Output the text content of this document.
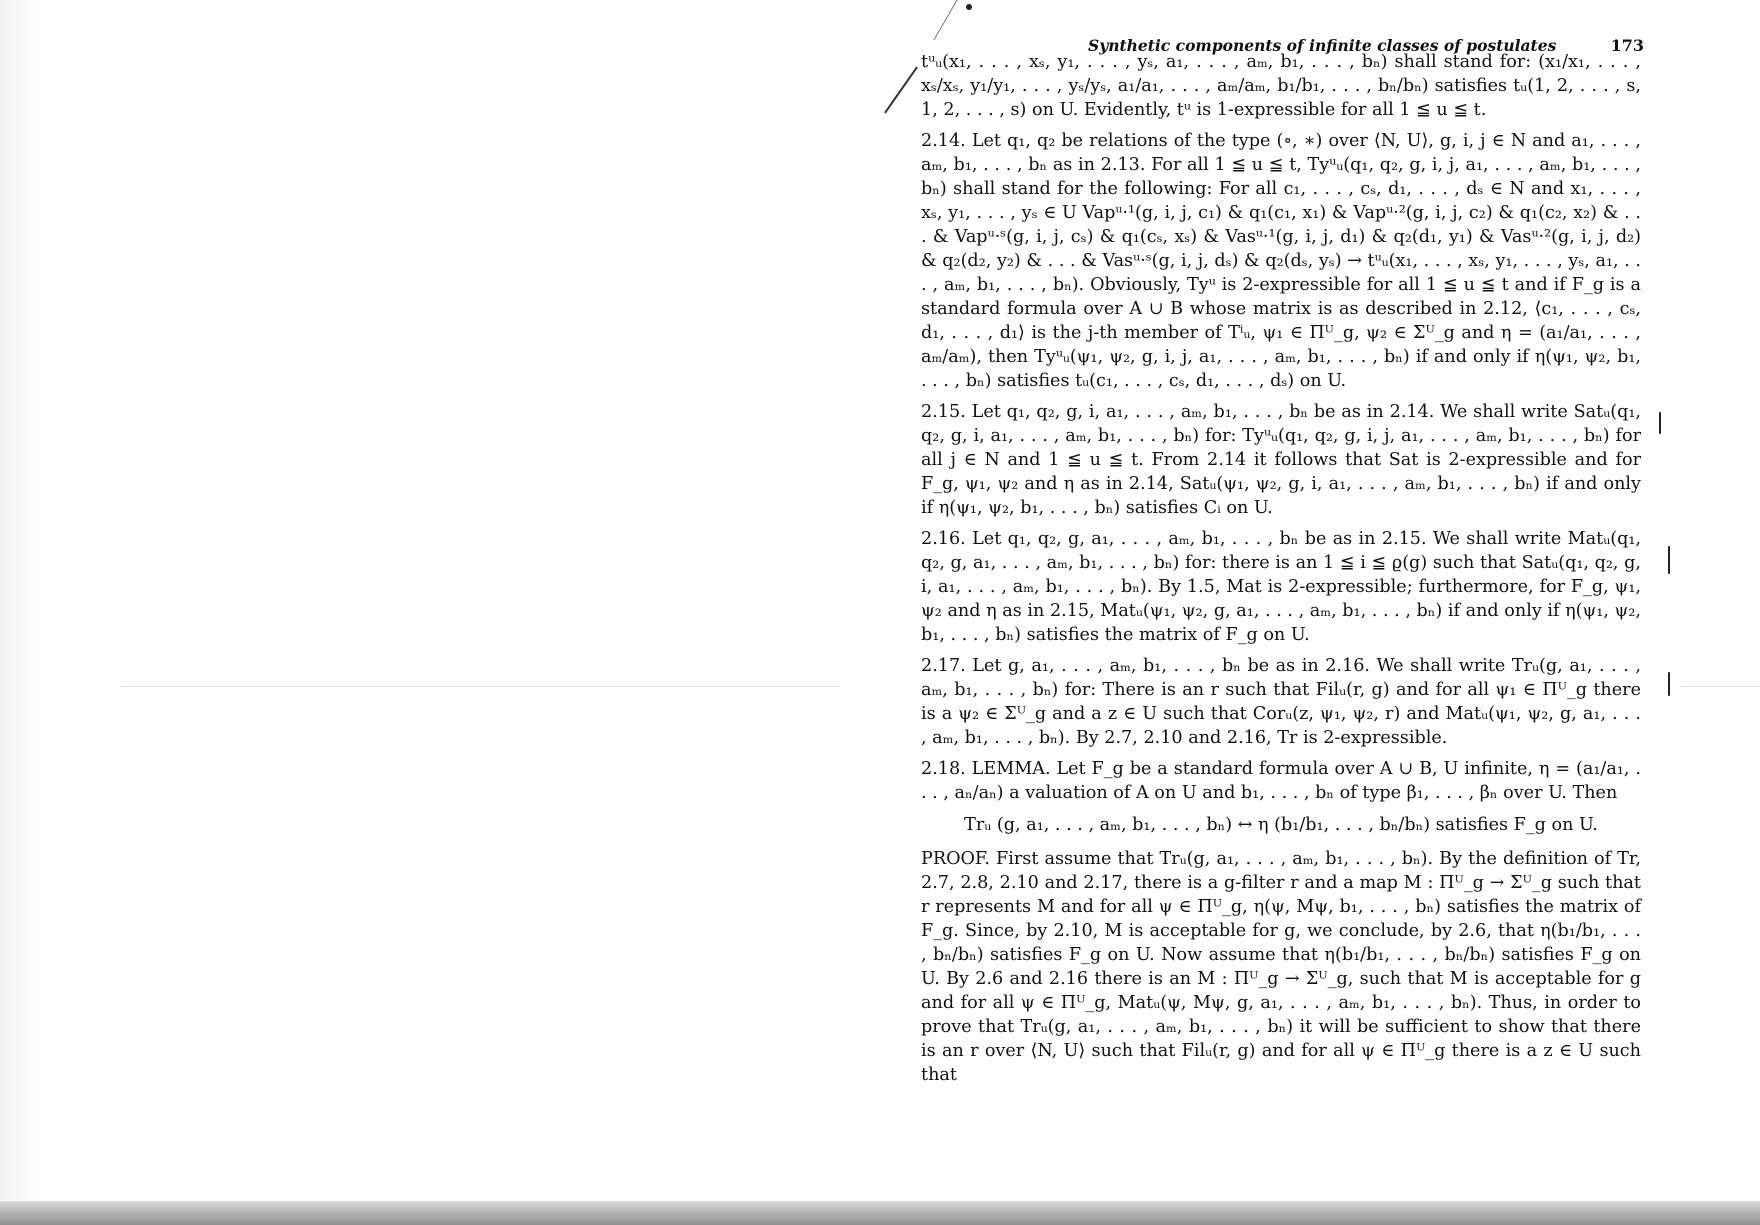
Synthetic components of infinite classes of postulates	173

tᵘᵤ(x₁, . . . , xₛ, y₁, . . . , yₛ, a₁, . . . , aₘ, b₁, . . . , bₙ) shall stand for: (x₁/x₁, . . . , xₛ/xₛ, y₁/y₁, . . . , yₛ/yₛ, a₁/a₁, . . . , aₘ/aₘ, b₁/b₁, . . . , bₙ/bₙ) satisfies tᵤ(1, 2, . . . , s, 1, 2, . . . , s) on U. Evidently, tᵘ is 1-expressible for all 1 ≦ u ≦ t.

2.14. Let q₁, q₂ be relations of the type (∘, ∗) over ⟨N, U⟩, g, i, j ∈ N and a₁, . . . , aₘ, b₁, . . . , bₙ as in 2.13. For all 1 ≦ u ≦ t, Tyᵘᵤ(q₁, q₂, g, i, j, a₁, . . . , aₘ, b₁, . . . , bₙ) shall stand for the following: For all c₁, . . . , cₛ, d₁, . . . , dₛ ∈ N and x₁, . . . , xₛ, y₁, . . . , yₛ ∈ U Vapᵘ·¹(g, i, j, c₁) & q₁(c₁, x₁) & Vapᵘ·²(g, i, j, c₂) & q₁(c₂, x₂) & . . . & Vapᵘ·ˢ(g, i, j, cₛ) & q₁(cₛ, xₛ) & Vasᵘ·¹(g, i, j, d₁) & q₂(d₁, y₁) & Vasᵘ·²(g, i, j, d₂) & q₂(d₂, y₂) & . . . & Vasᵘ·ˢ(g, i, j, dₛ) & q₂(dₛ, yₛ) → tᵘᵤ(x₁, . . . , xₛ, y₁, . . . , yₛ, a₁, . . . , aₘ, b₁, . . . , bₙ). Obviously, Tyᵘ is 2-expressible for all 1 ≦ u ≦ t and if F_g is a standard formula over A ∪ B whose matrix is as described in 2.12, ⟨c₁, . . . , cₛ, d₁, . . . , d₁⟩ is the j-th member of Tⁱᵤ, ψ₁ ∈ Πᵁ_g, ψ₂ ∈ Σᵁ_g and η = (a₁/a₁, . . . , aₘ/aₘ), then Tyᵘᵤ(ψ₁, ψ₂, g, i, j, a₁, . . . , aₘ, b₁, . . . , bₙ) if and only if η(ψ₁, ψ₂, b₁, . . . , bₙ) satisfies tᵤ(c₁, . . . , cₛ, d₁, . . . , dₛ) on U.

2.15. Let q₁, q₂, g, i, a₁, . . . , aₘ, b₁, . . . , bₙ be as in 2.14. We shall write Satᵤ(q₁, q₂, g, i, a₁, . . . , aₘ, b₁, . . . , bₙ) for: Tyᵘᵤ(q₁, q₂, g, i, j, a₁, . . . , aₘ, b₁, . . . , bₙ) for all j ∈ N and 1 ≦ u ≦ t. From 2.14 it follows that Sat is 2-expressible and for F_g, ψ₁, ψ₂ and η as in 2.14, Satᵤ(ψ₁, ψ₂, g, i, a₁, . . . , aₘ, b₁, . . . , bₙ) if and only if η(ψ₁, ψ₂, b₁, . . . , bₙ) satisfies Cᵢ on U.

2.16. Let q₁, q₂, g, a₁, . . . , aₘ, b₁, . . . , bₙ be as in 2.15. We shall write Matᵤ(q₁, q₂, g, a₁, . . . , aₘ, b₁, . . . , bₙ) for: there is an 1 ≦ i ≦ ϱ(g) such that Satᵤ(q₁, q₂, g, i, a₁, . . . , aₘ, b₁, . . . , bₙ). By 1.5, Mat is 2-expressible; furthermore, for F_g, ψ₁, ψ₂ and η as in 2.15, Matᵤ(ψ₁, ψ₂, g, a₁, . . . , aₘ, b₁, . . . , bₙ) if and only if η(ψ₁, ψ₂, b₁, . . . , bₙ) satisfies the matrix of F_g on U.

2.17. Let g, a₁, . . . , aₘ, b₁, . . . , bₙ be as in 2.16. We shall write Trᵤ(g, a₁, . . . , aₘ, b₁, . . . , bₙ) for: There is an r such that Filᵤ(r, g) and for all ψ₁ ∈ Πᵁ_g there is a ψ₂ ∈ Σᵁ_g and a z ∈ U such that Corᵤ(z, ψ₁, ψ₂, r) and Matᵤ(ψ₁, ψ₂, g, a₁, . . . , aₘ, b₁, . . . , bₙ). By 2.7, 2.10 and 2.16, Tr is 2-expressible.

2.18. LEMMA. Let F_g be a standard formula over A ∪ B, U infinite, η = (a₁/a₁, . . . , aₙ/aₙ) a valuation of A on U and b₁, . . . , bₙ of type β₁, . . . , βₙ over U. Then

Trᵤ (g, a₁, . . . , aₘ, b₁, . . . , bₙ) ↔ η (b₁/b₁, . . . , bₙ/bₙ) satisfies F_g on U.

PROOF. First assume that Trᵤ(g, a₁, . . . , aₘ, b₁, . . . , bₙ). By the definition of Tr, 2.7, 2.8, 2.10 and 2.17, there is a g-filter r and a map M : Πᵁ_g → Σᵁ_g such that r represents M and for all ψ ∈ Πᵁ_g, η(ψ, Mψ, b₁, . . . , bₙ) satisfies the matrix of F_g. Since, by 2.10, M is acceptable for g, we conclude, by 2.6, that η(b₁/b₁, . . . , bₙ/bₙ) satisfies F_g on U. Now assume that η(b₁/b₁, . . . , bₙ/bₙ) satisfies F_g on U. By 2.6 and 2.16 there is an M : Πᵁ_g → Σᵁ_g, such that M is acceptable for g and for all ψ ∈ Πᵁ_g, Matᵤ(ψ, Mψ, g, a₁, . . . , aₘ, b₁, . . . , bₙ). Thus, in order to prove that Trᵤ(g, a₁, . . . , aₘ, b₁, . . . , bₙ) it will be sufficient to show that there is an r over ⟨N, U⟩ such that Filᵤ(r, g) and for all ψ ∈ Πᵁ_g there is a z ∈ U such that
